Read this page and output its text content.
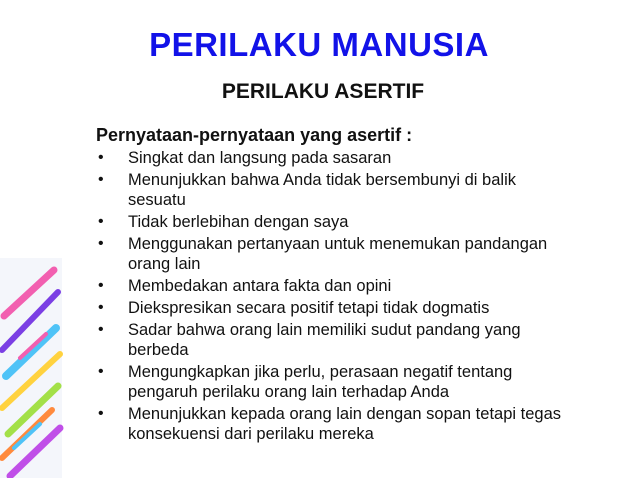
PERILAKU MANUSIA
PERILAKU ASERTIF
Pernyataan-pernyataan yang asertif :
• Singkat dan langsung pada sasaran
• Menunjukkan bahwa Anda tidak bersembunyi di balik sesuatu
• Tidak berlebihan dengan saya
• Menggunakan pertanyaan untuk menemukan pandangan orang lain
• Membedakan antara fakta dan opini
• Diekspresikan secara positif tetapi tidak dogmatis
• Sadar bahwa orang lain memiliki sudut pandang yang berbeda
• Mengungkapkan jika perlu, perasaan negatif tentang pengaruh perilaku orang lain terhadap Anda
• Menunjukkan kepada orang lain dengan sopan tetapi tegas konsekuensi dari perilaku mereka
